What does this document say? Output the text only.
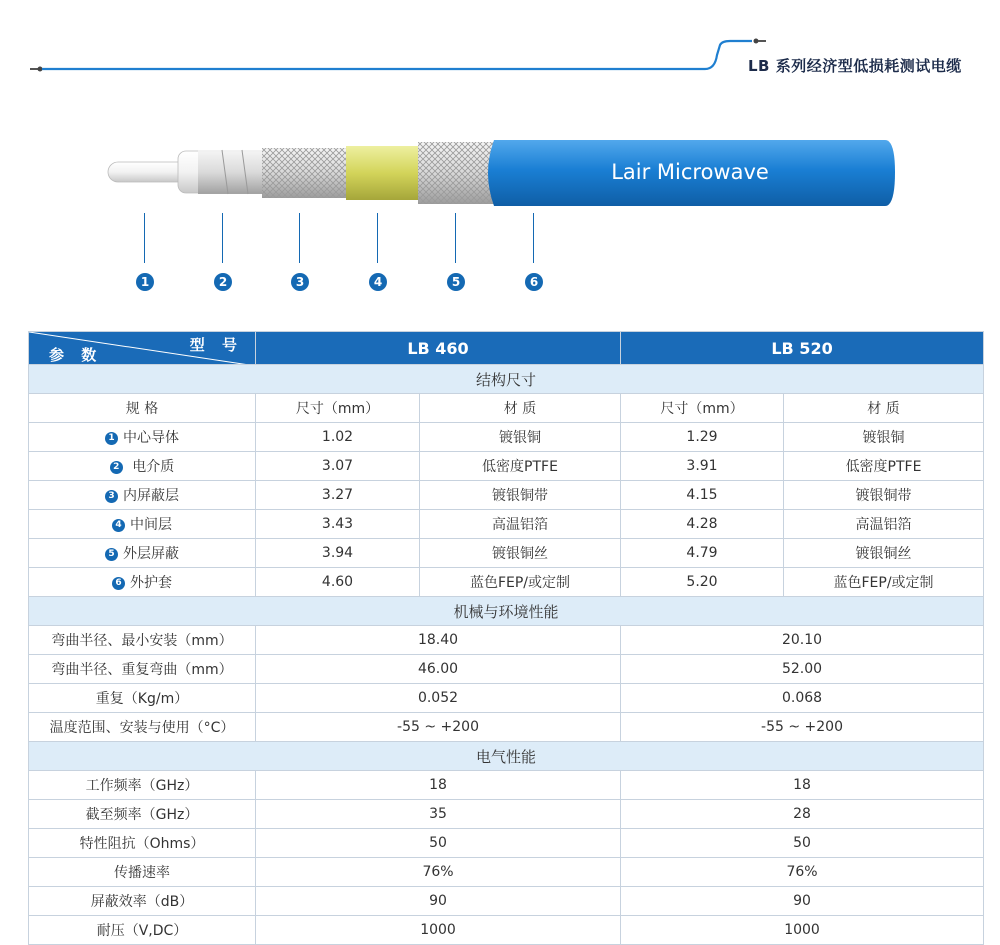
LB 系列经济型低损耗测试电缆
Lair Microwave
1	2	3	4	5	6
型 号
参 数	LB 460		LB 520	
结构尺寸				
规 格	尺寸（mm）	材 质	尺寸（mm）	材 质
1 中心导体	1.02	镀银铜	1.29	镀银铜
2 电介质	3.07	低密度PTFE	3.91	低密度PTFE
3 内屏蔽层	3.27	镀银铜带	4.15	镀银铜带
4 中间层	3.43	高温铝箔	4.28	高温铝箔
5 外层屏蔽	3.94	镀银铜丝	4.79	镀银铜丝
6 外护套	4.60	蓝色FEP/或定制	5.20	蓝色FEP/或定制
机械与环境性能				
弯曲半径、最小安装（mm）	18.40		20.10	
弯曲半径、重复弯曲（mm）	46.00		52.00	
重复（Kg/m）	0.052		0.068	
温度范围、安装与使用（°C）	-55 ~ +200		-55 ~ +200	
电气性能				
工作频率（GHz）	18		18	
截至频率（GHz）	35		28	
特性阻抗（Ohms）	50		50	
传播速率	76%		76%	
屏蔽效率（dB）	90		90	
耐压（V,DC）	1000		1000	
